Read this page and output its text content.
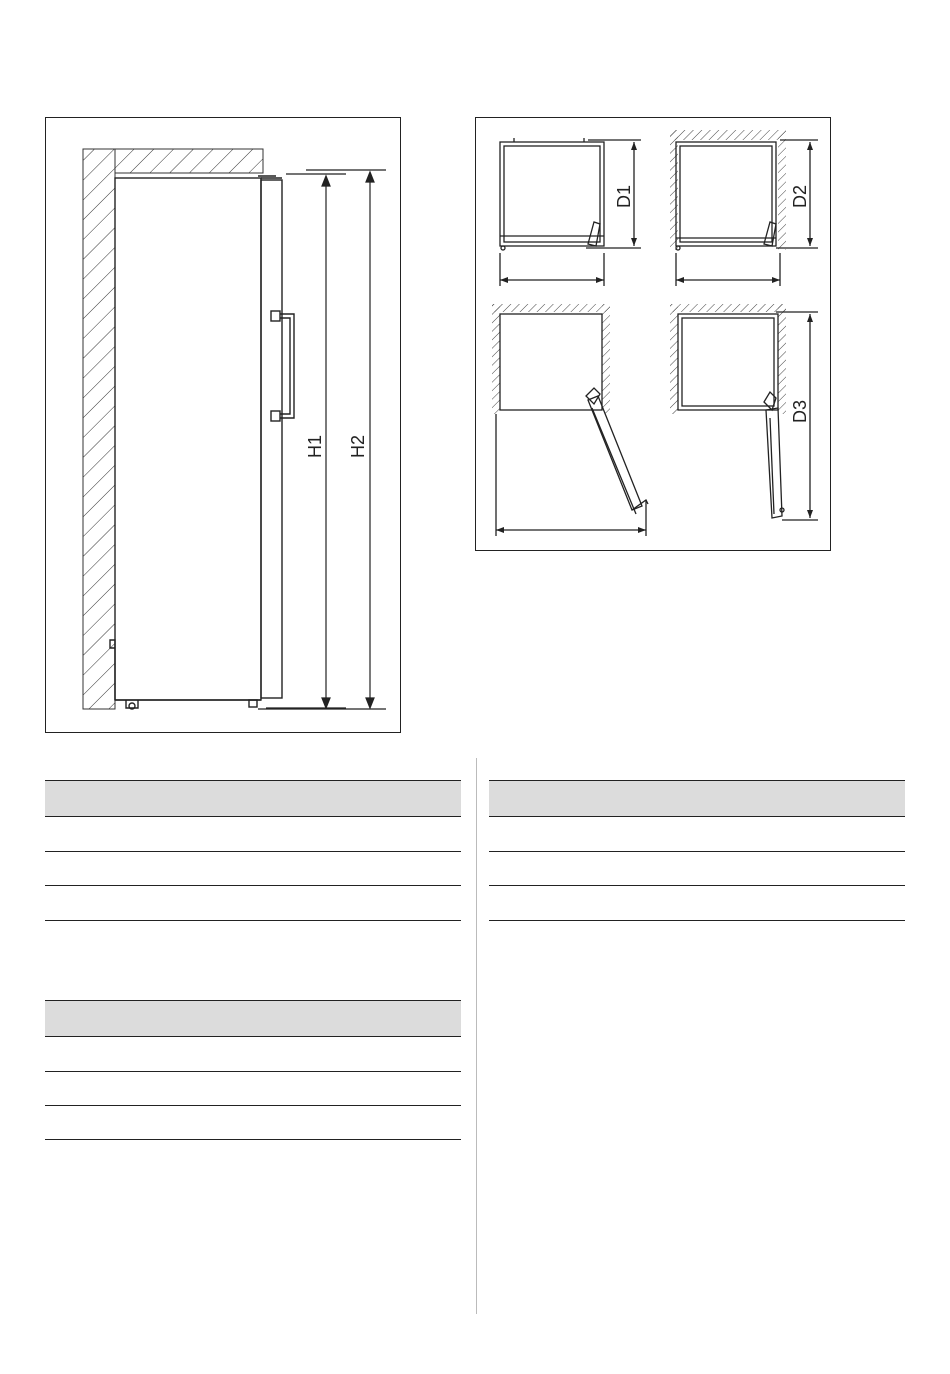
H1 H2
D1	D2
D3
